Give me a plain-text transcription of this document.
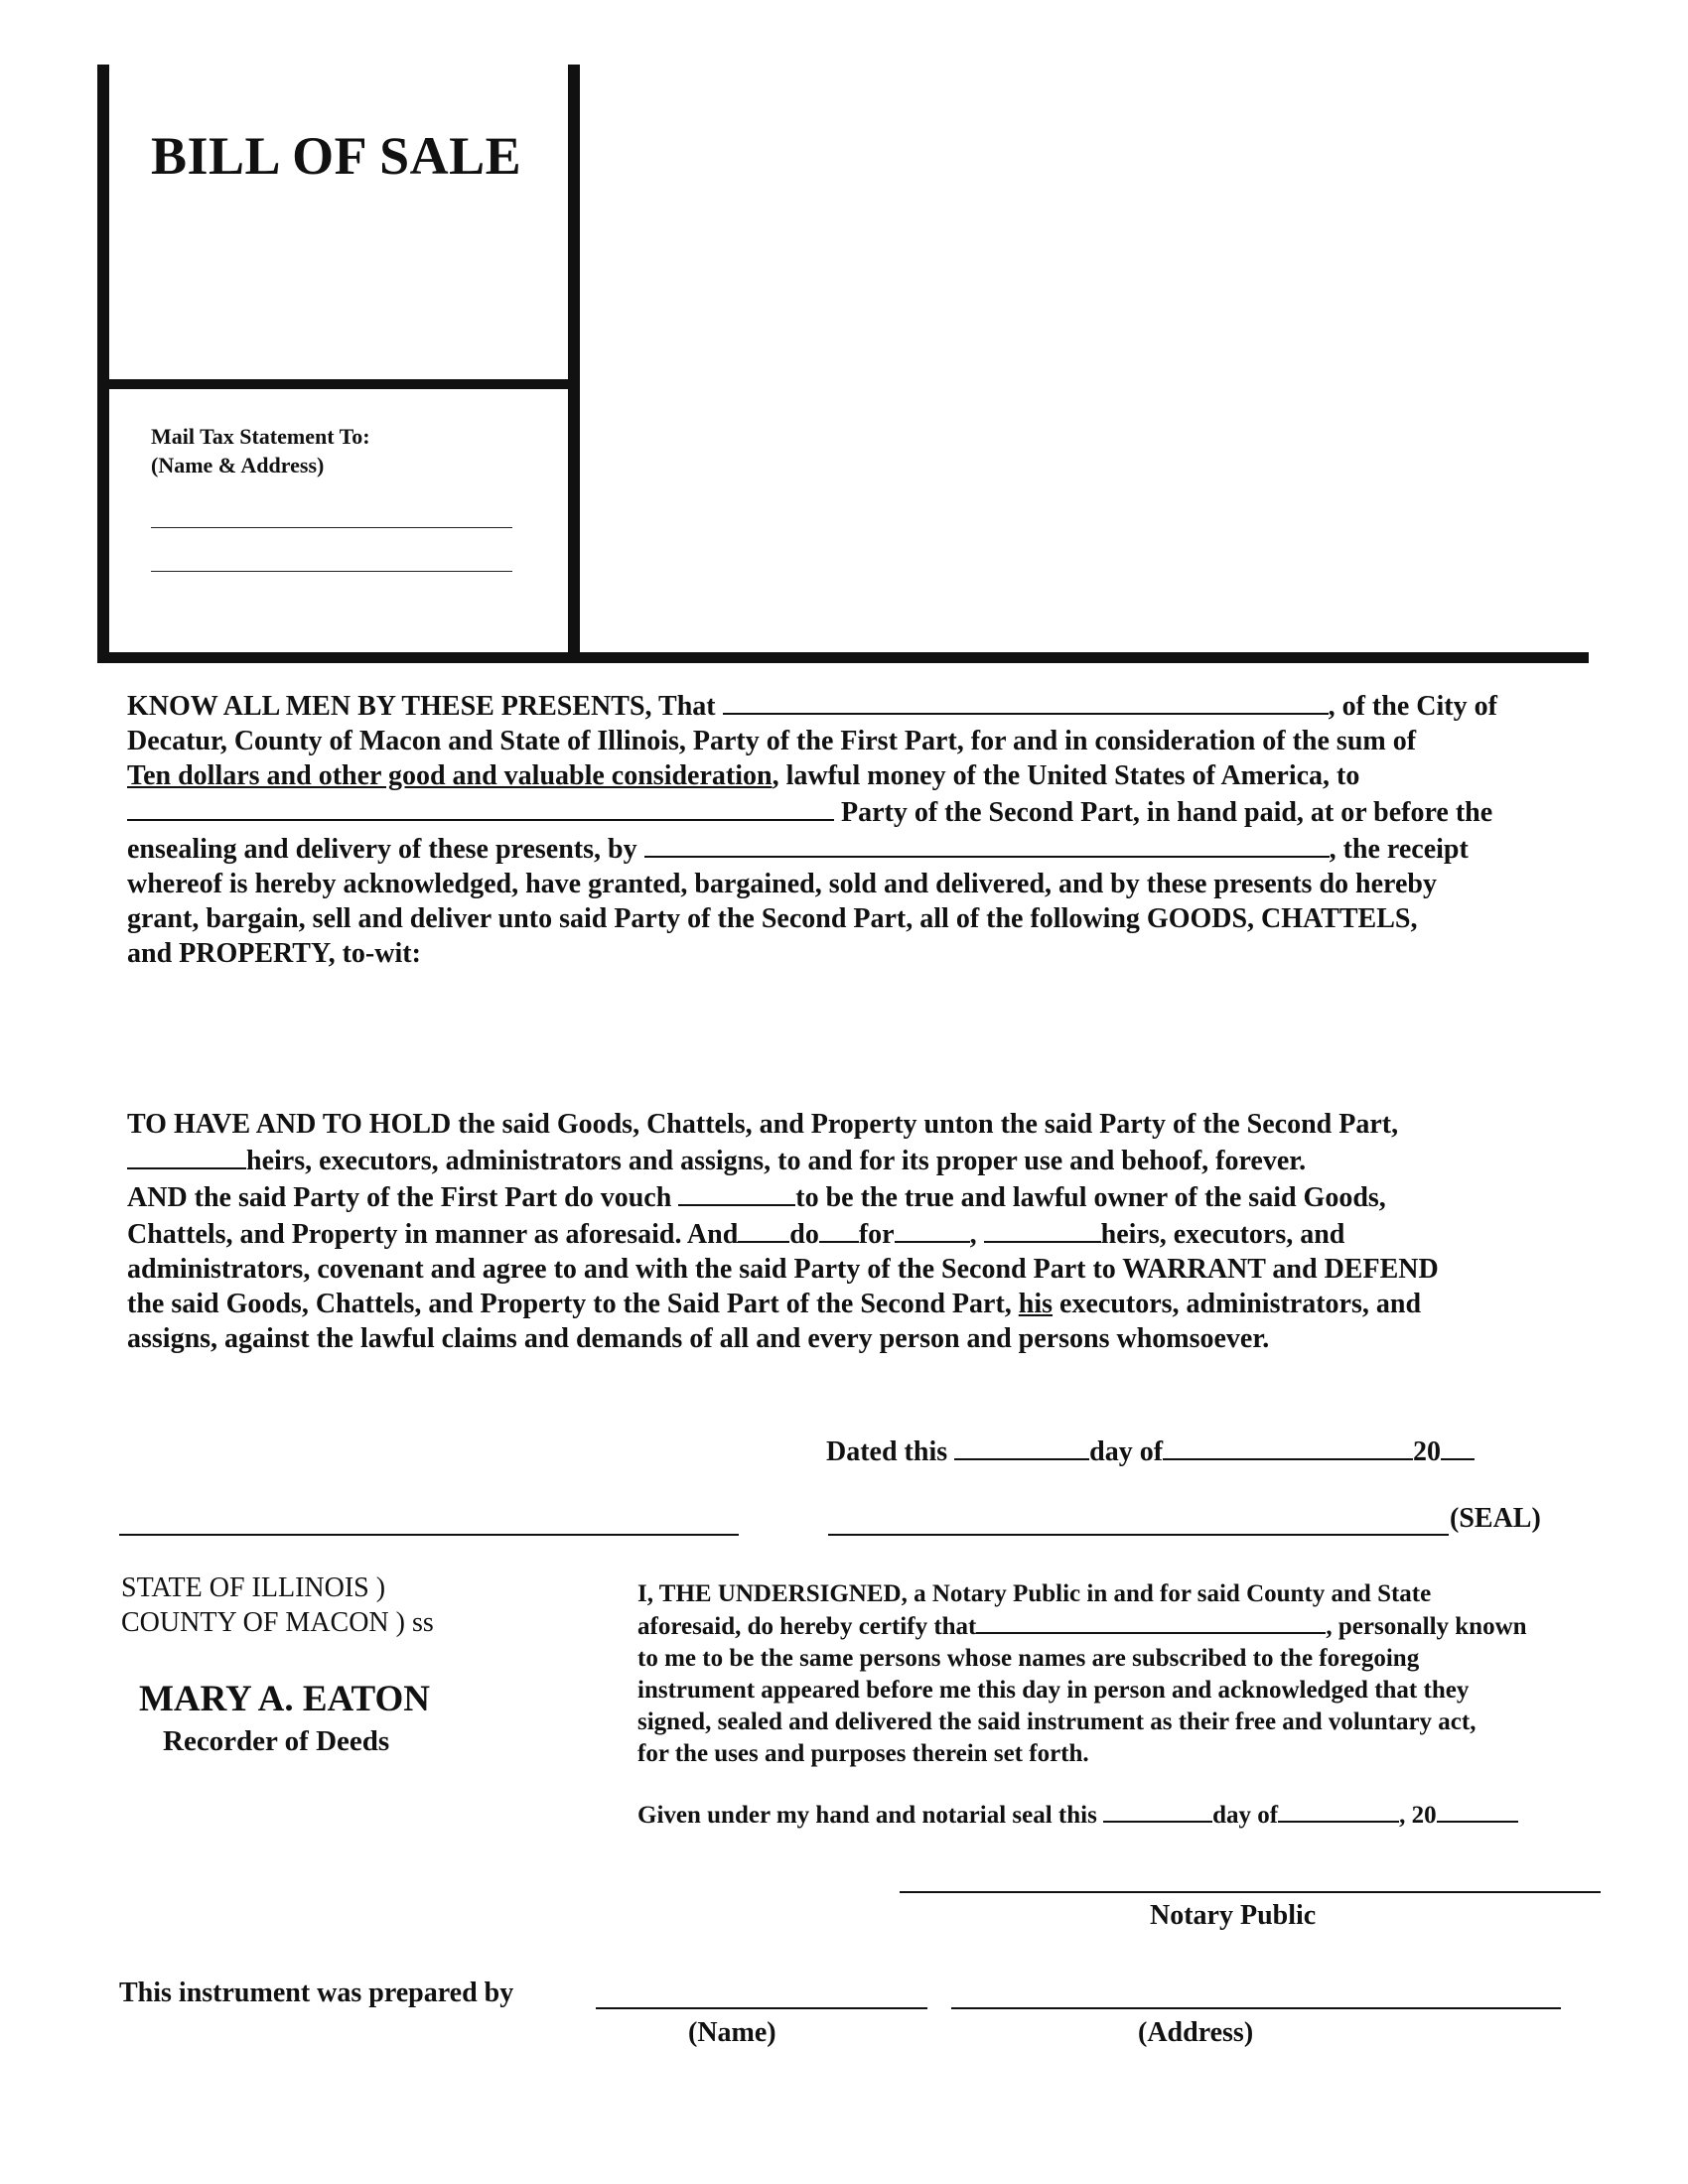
BILL OF SALE
Mail Tax Statement To:
(Name & Address)
KNOW ALL MEN BY THESE PRESENTS, That	, of the City of
Decatur, County of Macon and State of Illinois, Party of the First Part, for and in consideration of the sum of
Ten dollars and other good and valuable consideration, lawful money of the United States of America, to
Party of the Second Part, in hand paid, at or before the
ensealing and delivery of these presents, by	, the receipt
whereof is hereby acknowledged, have granted, bargained, sold and delivered, and by these presents do hereby
grant, bargain, sell and deliver unto said Party of the Second Part, all of the following GOODS, CHATTELS,
and PROPERTY, to-wit:
TO HAVE AND TO HOLD the said Goods, Chattels, and Property unton the said Party of the Second Part,
heirs, executors, administrators and assigns, to and for its proper use and behoof, forever.
AND the said Party of the First Part do vouch	to be the true and lawful owner of the said Goods,
Chattels, and Property in manner as aforesaid. And do for	,	heirs, executors, and
administrators, covenant and agree to and with the said Party of the Second Part to WARRANT and DEFEND
the said Goods, Chattels, and Property to the Said Part of the Second Part, his executors, administrators, and
assigns, against the lawful claims and demands of all and every person and persons whomsoever.
Dated this	day of	20
(SEAL)
STATE OF ILLINOIS )
COUNTY OF MACON ) ss
MARY A. EATON
Recorder of Deeds
I, THE UNDERSIGNED, a Notary Public in and for said County and State
aforesaid, do hereby certify that	, personally known
to me to be the same persons whose names are subscribed to the foregoing
instrument appeared before me this day in person and acknowledged that they
signed, sealed and delivered the said instrument as their free and voluntary act,
for the uses and purposes therein set forth.
Given under my hand and notarial seal this	day of	, 20
Notary Public
This instrument was prepared by
(Name)	(Address)
